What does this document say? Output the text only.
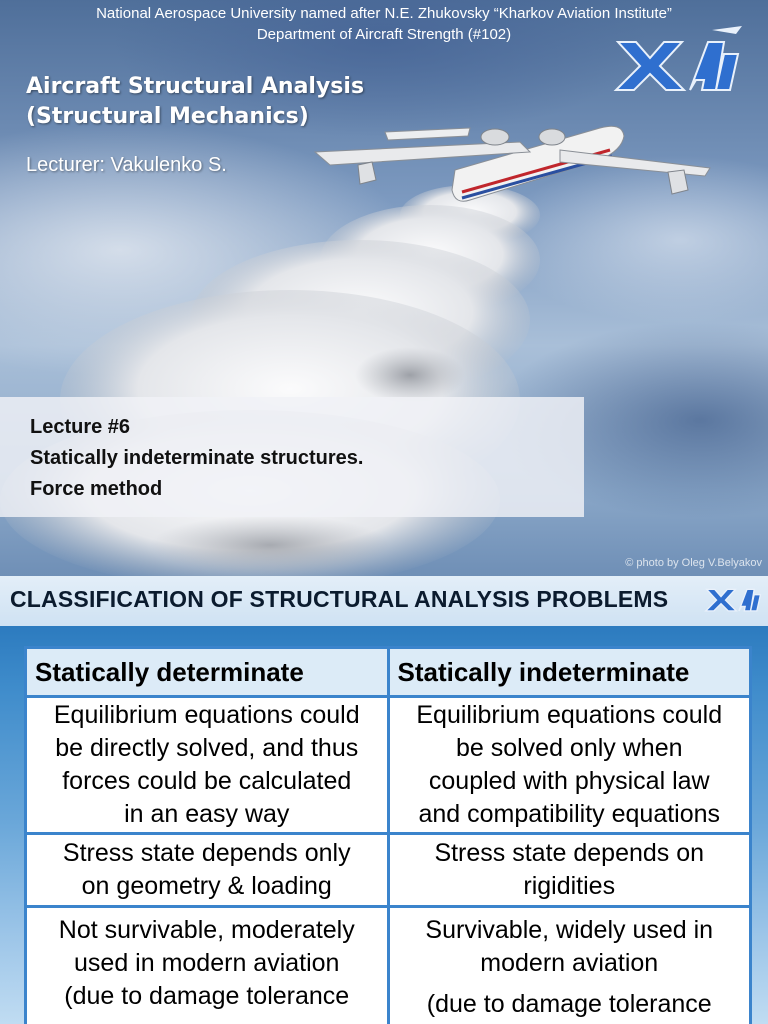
National Aerospace University named after N.E. Zhukovsky “Kharkov Aviation Institute”
Department of Aircraft Strength (#102)
Aircraft Structural Analysis
(Structural Mechanics)
Lecturer: Vakulenko S.
Lecture #6
Statically indeterminate structures.
Force method
© photo by Oleg V.Belyakov
CLASSIFICATION OF STRUCTURAL ANALYSIS PROBLEMS
Statically determinate	Statically indeterminate

Equilibrium equations could
be directly solved, and thus
forces could be calculated
in an easy way	Equilibrium equations could
be solved only when
coupled with physical law
and compatibility equations

Stress state depends only
on geometry & loading	Stress state depends on
rigidities

Not survivable, moderately
used in modern aviation
(due to damage tolerance	Survivable, widely used in
modern aviation
(due to damage tolerance
